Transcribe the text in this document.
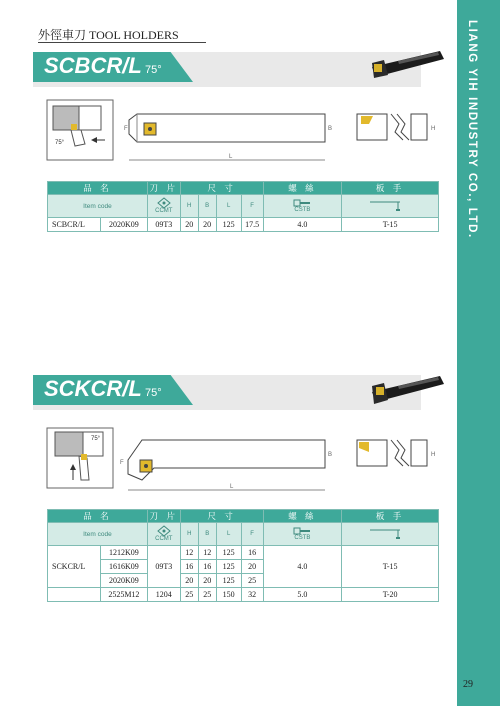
LIANG YIH INDUSTRY CO., LTD.
29
外徑車刀 TOOL HOLDERS
SCBCR/L 75°
75°
L
B
F	H
品 名		刀 片	尺 寸				螺 絲	板 手
Item code		CCMT	H	B	L	F	CSTB	

SCBCR/L	2020K09	09T3	20	20	125	17.5	4.0	T-15
SCKCR/L 75°
75°
L
B
F
H
品 名		刀 片	尺 寸				螺 絲	板 手
Item code		CCMT	H	B	L	F	CSTB	

SCKCR/L	1212K09	09T3	12	12	125	16	4.0	T-15
	1616K09		16	16	125	20		
	2020K09		20	20	125	25		
	2525M12	1204	25	25	150	32	5.0	T-20
